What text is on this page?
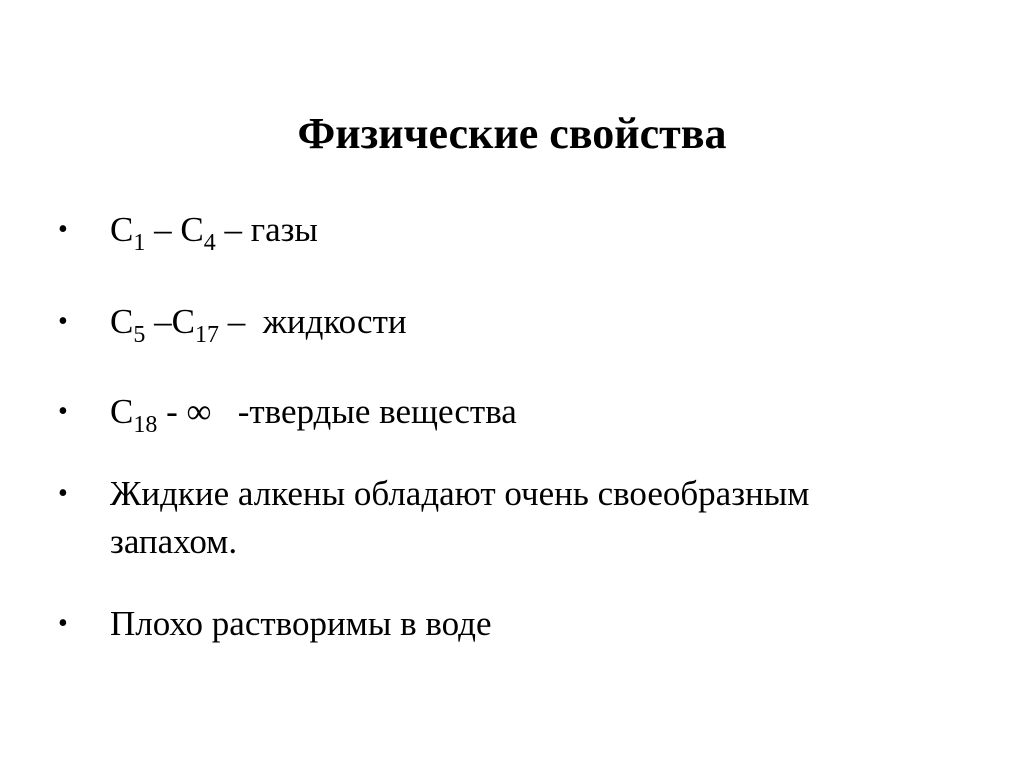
Физические свойства
•	$C_1 - C_4$ – газы
•	$C_5$ $-C_{17}$ –  жидкости
•	$C_{18}$ - ∞   -твердые вещества
•	Жидкие алкены обладают очень своеобразным запахом.
•	Плохо растворимы в воде
